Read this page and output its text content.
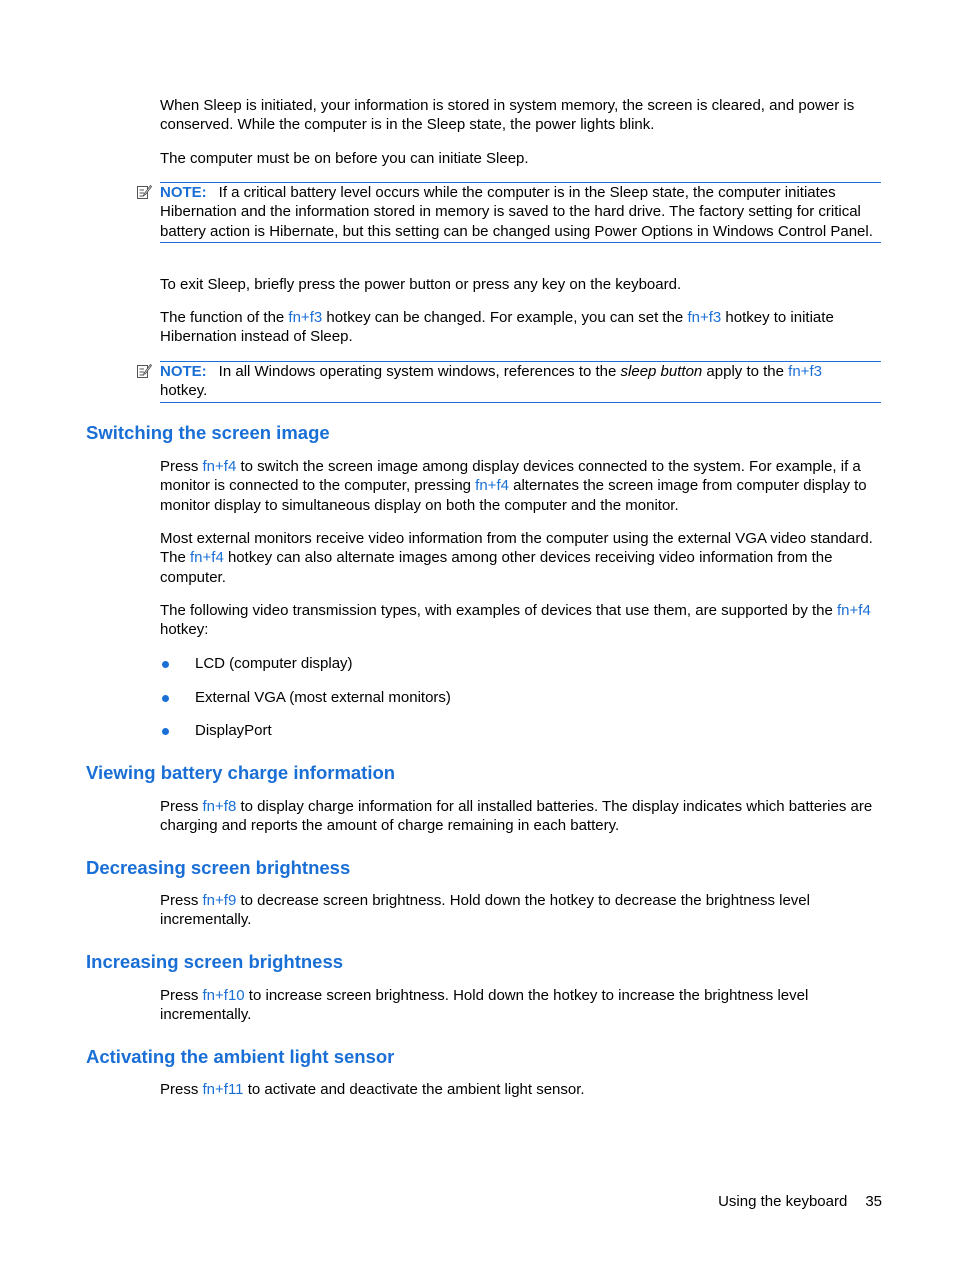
When Sleep is initiated, your information is stored in system memory, the screen is cleared, and power is conserved. While the computer is in the Sleep state, the power lights blink.

The computer must be on before you can initiate Sleep.

NOTE: If a critical battery level occurs while the computer is in the Sleep state, the computer initiates Hibernation and the information stored in memory is saved to the hard drive. The factory setting for critical battery action is Hibernate, but this setting can be changed using Power Options in Windows Control Panel.

To exit Sleep, briefly press the power button or press any key on the keyboard.

The function of the fn+f3 hotkey can be changed. For example, you can set the fn+f3 hotkey to initiate Hibernation instead of Sleep.

NOTE: In all Windows operating system windows, references to the sleep button apply to the fn+f3
hotkey.
Switching the screen image

Press fn+f4 to switch the screen image among display devices connected to the system. For example, if a monitor is connected to the computer, pressing fn+f4 alternates the screen image from computer display to monitor display to simultaneous display on both the computer and the monitor.

Most external monitors receive video information from the computer using the external VGA video standard. The fn+f4 hotkey can also alternate images among other devices receiving video information from the computer.

The following video transmission types, with examples of devices that use them, are supported by the fn+f4 hotkey:

LCD (computer display)
External VGA (most external monitors)
DisplayPort
Viewing battery charge information

Press fn+f8 to display charge information for all installed batteries. The display indicates which batteries are charging and reports the amount of charge remaining in each battery.

Decreasing screen brightness

Press fn+f9 to decrease screen brightness. Hold down the hotkey to decrease the brightness level incrementally.

Increasing screen brightness

Press fn+f10 to increase screen brightness. Hold down the hotkey to increase the brightness level incrementally.

Activating the ambient light sensor

Press fn+f11 to activate and deactivate the ambient light sensor.

Using the keyboard 35
